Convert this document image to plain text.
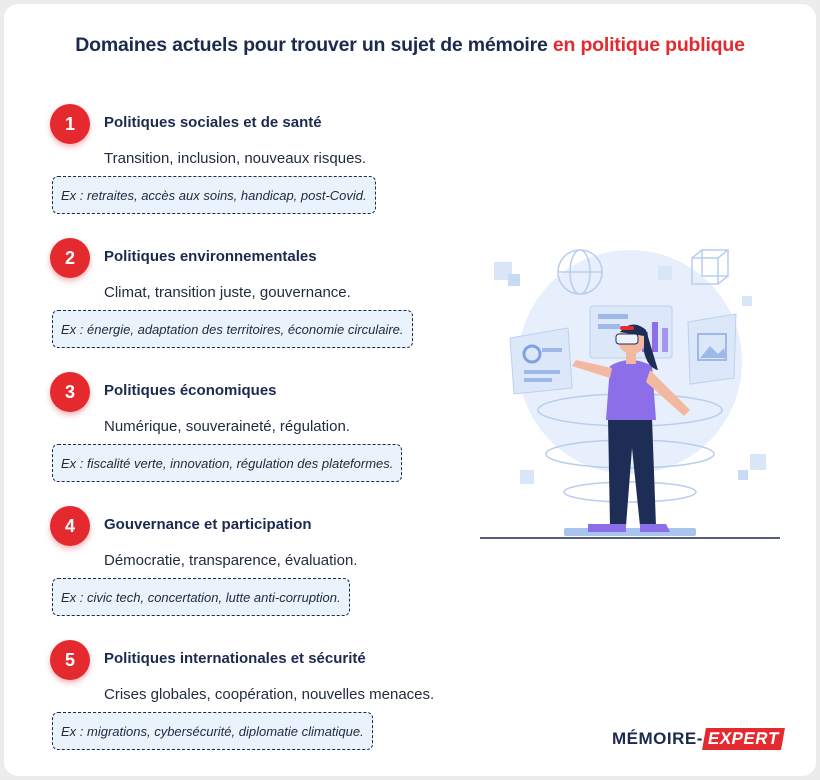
Domaines actuels pour trouver un sujet de mémoire en politique publique
1	Politiques sociales et de santé
Transition, inclusion, nouveaux risques.
Ex : retraites, accès aux soins, handicap, post-Covid.
2	Politiques environnementales
Climat, transition juste, gouvernance.
Ex : énergie, adaptation des territoires, économie circulaire.
3	Politiques économiques
Numérique, souveraineté, régulation.
Ex : fiscalité verte, innovation, régulation des plateformes.
4	Gouvernance et participation
Démocratie, transparence, évaluation.
Ex : civic tech, concertation, lutte anti-corruption.
5	Politiques internationales et sécurité
Crises globales, coopération, nouvelles menaces.
Ex : migrations, cybersécurité, diplomatie climatique.	MÉMOIRE- EXPERT
